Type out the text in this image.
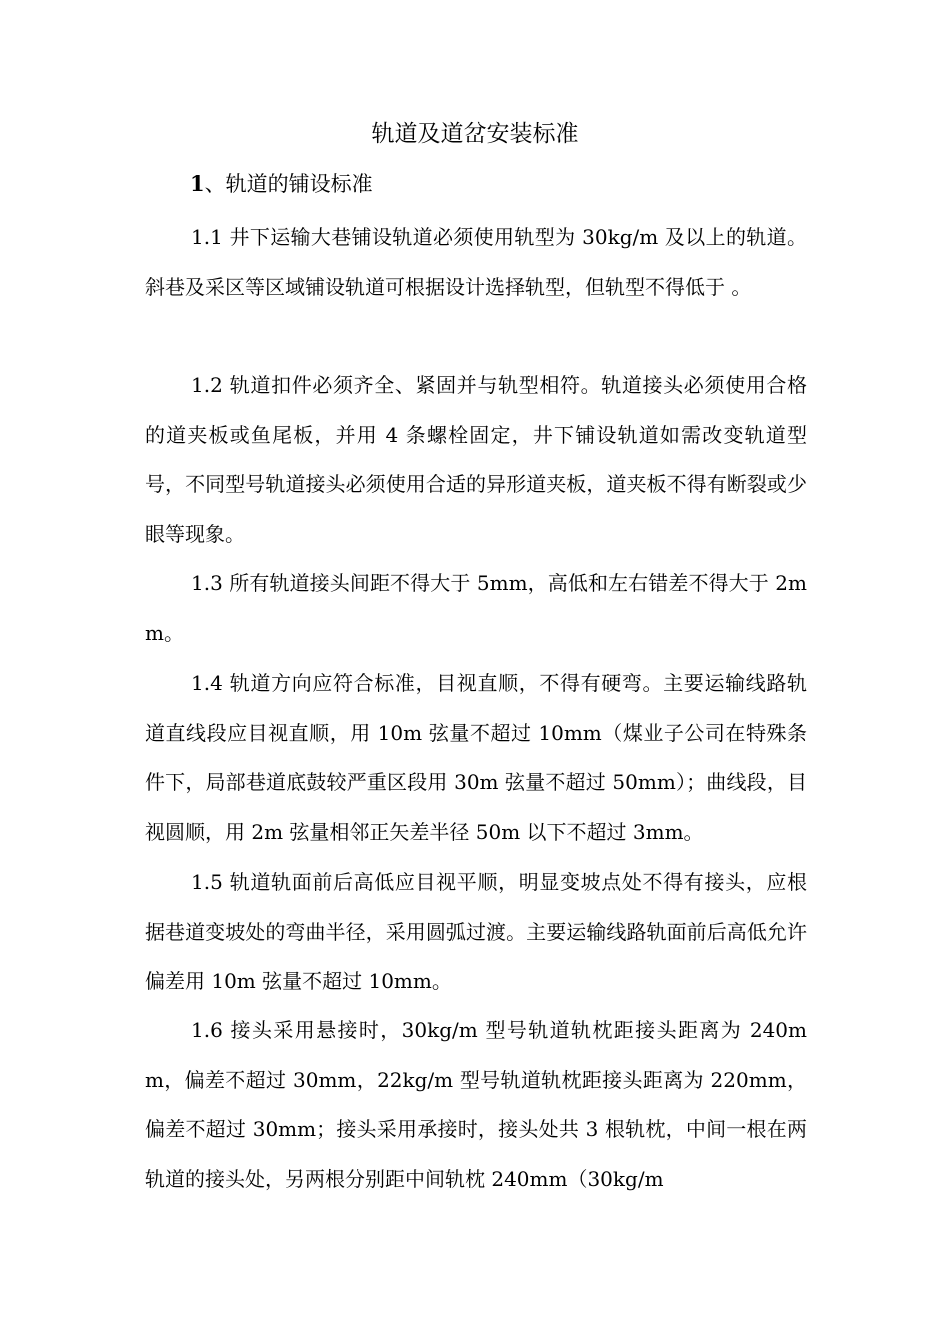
轨道及道岔安装标准
1、轨道的铺设标准

1.1 井下运输大巷铺设轨道必须使用轨型为 30kg/m 及以上的轨道。斜巷及采区等区域铺设轨道可根据设计选择轨型，但轨型不得低于 。

1.2 轨道扣件必须齐全、紧固并与轨型相符。轨道接头必须使用合格的道夹板或鱼尾板，并用 4 条螺栓固定，井下铺设轨道如需改变轨道型号，不同型号轨道接头必须使用合适的异形道夹板，道夹板不得有断裂或少眼等现象。

1.3 所有轨道接头间距不得大于 5mm，高低和左右错差不得大于 2mm。

1.4 轨道方向应符合标准，目视直顺，不得有硬弯。主要运输线路轨道直线段应目视直顺，用 10m 弦量不超过 10mm（煤业子公司在特殊条件下，局部巷道底鼓较严重区段用 30m 弦量不超过 50mm）；曲线段，目视圆顺，用 2m 弦量相邻正矢差半径 50m 以下不超过 3mm。

1.5 轨道轨面前后高低应目视平顺，明显变坡点处不得有接头，应根据巷道变坡处的弯曲半径，采用圆弧过渡。主要运输线路轨面前后高低允许偏差用 10m 弦量不超过 10mm。

1.6 接头采用悬接时，30kg/m 型号轨道轨枕距接头距离为 240mm，偏差不超过 30mm，22kg/m 型号轨道轨枕距接头距离为 220mm，偏差不超过 30mm；接头采用承接时，接头处共 3 根轨枕，中间一根在两轨道的接头处，另两根分别距中间轨枕 240mm（30kg/m
